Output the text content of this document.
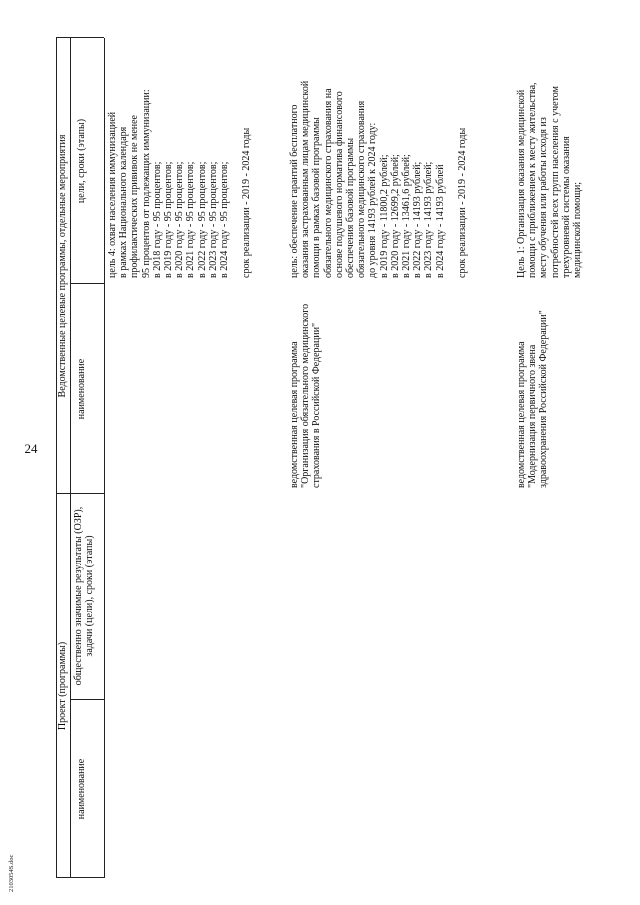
24
2103054S.doc
Проект (программы)
Ведомственные целевые программы, отдельные мероприятия
наименование
общественно значимые результаты (ОЗР), задачи (цели), сроки (этапы)
наименование
цели, сроки (этапы) цель 4: охват населения иммунизацией в рамках Национального календаря профилактических прививок не менее 95 процентов от подлежащих иммунизации: в 2018 году - 95 процентов; в 2019 году - 95 процентов; в 2020 году - 95 процентов; в 2021 году - 95 процентов; в 2022 году - 95 процентов; в 2023 году - 95 процентов; в 2024 году - 95 процентов; срок реализации - 2019 - 2024 годы

ведомственная целевая программа "Организация обязательного медицинского страхования в Российской Федерации"

цель: обеспечение гарантий бесплатного оказания застрахованным лицам медицинской помощи в рамках базовой программы обязательного медицинского страхования на основе подушевого норматива финансового обеспечения базовой программы обязательного медицинского страхования до уровня 14193 рублей к 2024 году: в 2019 году - 11800,2 рублей; в 2020 году - 12699,2 рублей; в 2021 году - 13461,6 рублей; в 2022 году - 14193 рублей; в 2023 году - 14193 рублей; в 2024 году - 14193 рублей срок реализации - 2019 - 2024 годы

ведомственная целевая программа "Модернизация первичного звена здравоохранения Российской Федерации"

Цель 1: Организация оказания медицинской помощи с приближением к месту жительства, месту обучения или работы исходя из потребностей всех групп населения с учетом трехуровневой системы оказания медицинской помощи;
